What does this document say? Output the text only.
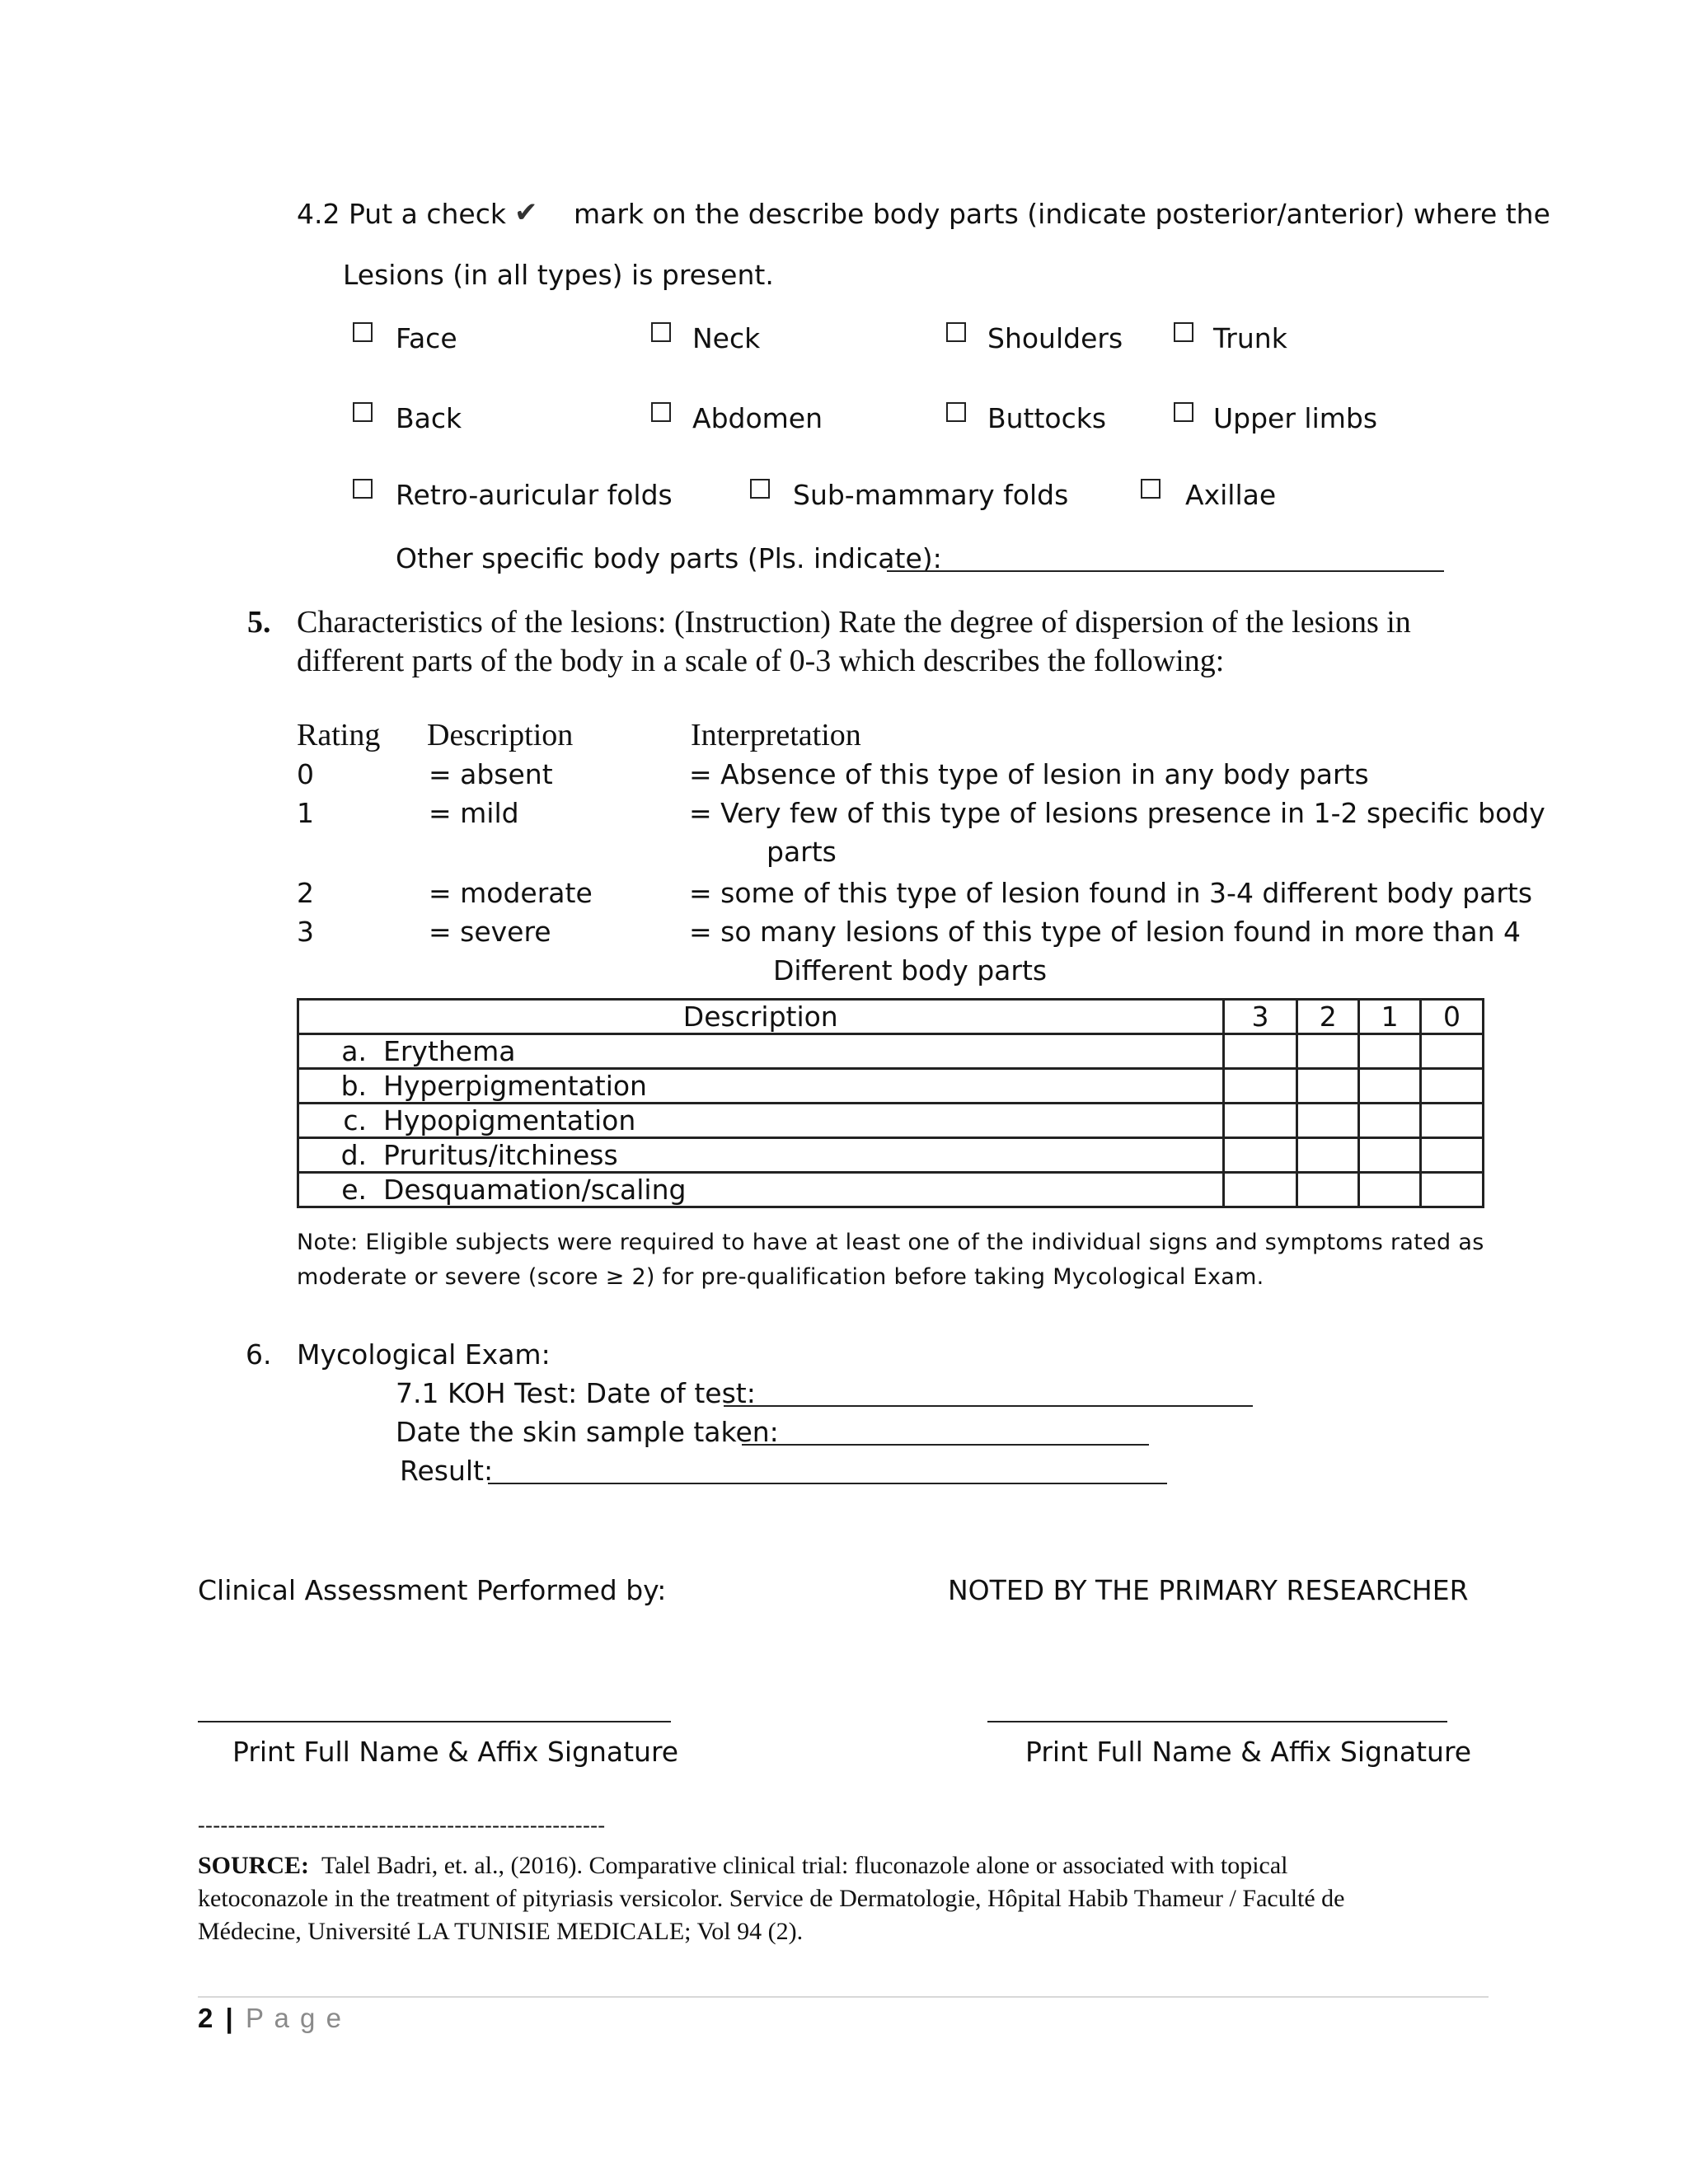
4.2 Put a check ✔ mark on the describe body parts (indicate posterior/anterior) where the
Lesions (in all types) is present.
Face	Neck	Shoulders	Trunk
Back	Abdomen	Buttocks	Upper limbs
Retro-auricular folds	Sub-mammary folds	Axillae
Other specific body parts (Pls. indicate):
5. Characteristics of the lesions: (Instruction) Rate the degree of dispersion of the lesions in
different parts of the body in a scale of 0-3 which describes the following:
Rating Description	Interpretation
0	= absent	= Absence of this type of lesion in any body parts
1	= mild	= Very few of this type of lesions presence in 1-2 specific body
parts
2	= moderate	= some of this type of lesion found in 3-4 different body parts
3	= severe	= so many lesions of this type of lesion found in more than 4
Different body parts
Description	3	2	1	0
a. Erythema				
b. Hyperpigmentation				
c. Hypopigmentation				
d. Pruritus/itchiness				
e. Desquamation/scaling				
Note: Eligible subjects were required to have at least one of the individual signs and symptoms rated as
moderate or severe (score ≥ 2) for pre-qualification before taking Mycological Exam.
6. Mycological Exam:
7.1 KOH Test: Date of test:
Date the skin sample taken:
Result:
Clinical Assessment Performed by:	NOTED BY THE PRIMARY RESEARCHER
Print Full Name & Affix Signature	Print Full Name & Affix Signature
------------------------------------------------------
SOURCE: Talel Badri, et. al., (2016). Comparative clinical trial: fluconazole alone or associated with topical
ketoconazole in the treatment of pityriasis versicolor. Service de Dermatologie, Hôpital Habib Thameur / Faculté de
Médecine, Université LA TUNISIE MEDICALE; Vol 94 (2).
2 | P a g e
